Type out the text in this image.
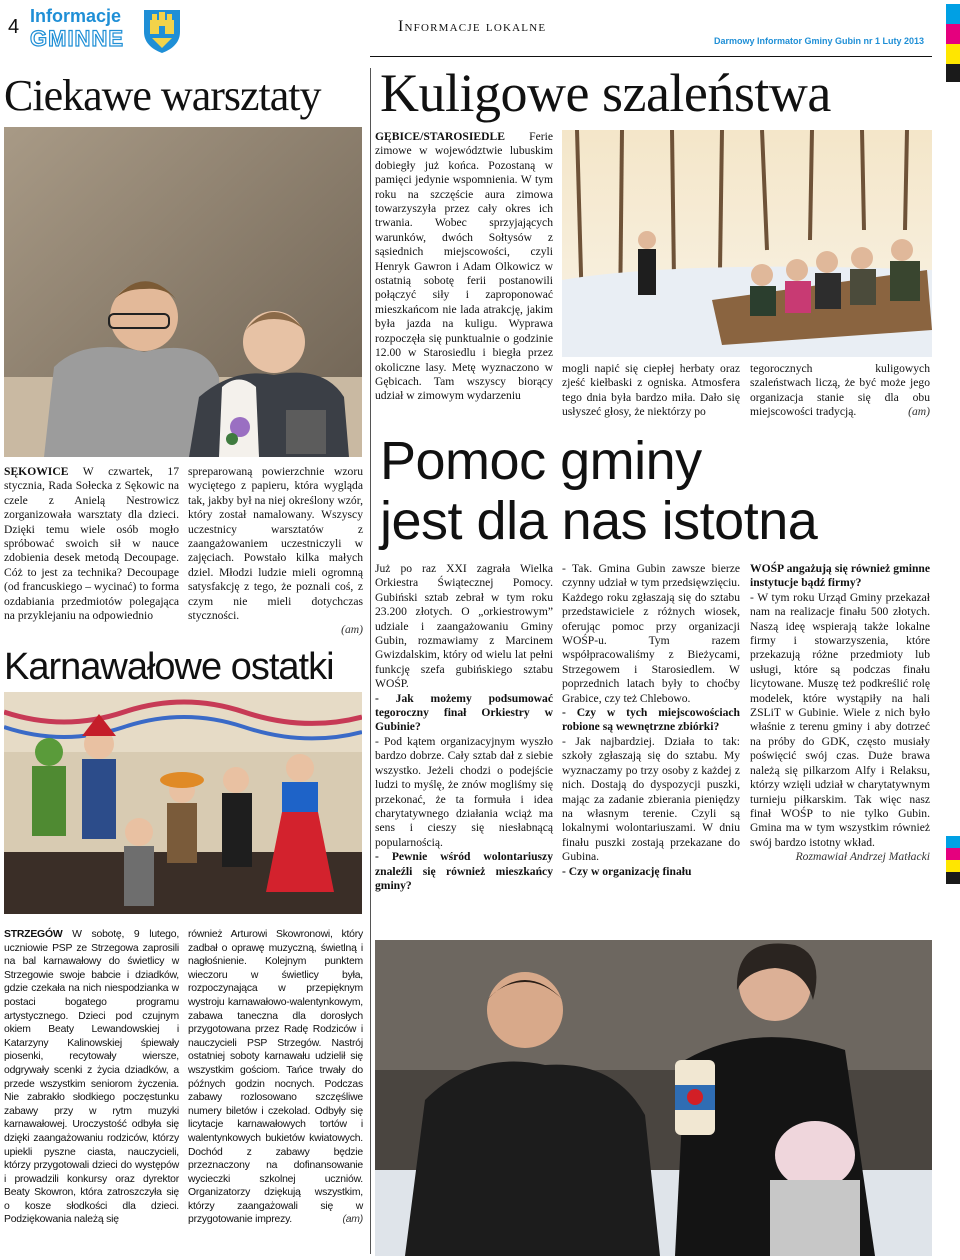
4 Informacje
GMINNE	Informacje lokalne
Darmowy Informator Gminy Gubin nr 1 Luty 2013
Ciekawe warsztaty

SĘKOWICE W czwartek, 17 stycznia, Rada Sołecka z Sękowic na czele z Anielą Nestrowicz zorganizowała warsztaty dla dzieci. Dzięki temu wiele osób mogło spróbować swoich sił w nauce zdobienia desek metodą Decoupage. Cóż to jest za technika? Decoupage (od francuskiego – wycinać) to forma ozdabiania przedmiotów polegająca na przyklejaniu na odpowiednio

spreparowaną powierzchnie wzoru wyciętego z papieru, która wygląda tak, jakby był na niej określony wzór, który został namalowany. Wszyscy uczestnicy warsztatów z zaangażowaniem uczestniczyli w zajęciach. Powstało kilka małych dziel. Młodzi ludzie mieli ogromną satysfakcję z tego, że poznali coś, z czym nie mieli dotychczas styczności.

(am)

Karnawałowe ostatki

STRZEGÓW W sobotę, 9 lutego, uczniowie PSP ze Strzegowa zaprosili na bal karnawałowy do świetlicy w Strzegowie swoje babcie i dziadków, gdzie czekała na nich niespodzianka w postaci bogatego programu artystycznego. Dzieci pod czujnym okiem Beaty Lewandowskiej i Katarzyny Kalinowskiej śpiewały piosenki, recytowały wiersze, odgrywały scenki z życia dziadków, a przede wszystkim seniorom życzenia. Nie zabrakło słodkiego poczęstunku zabawy przy w rytm muzyki karnawałowej. Uroczystość odbyła się dzięki zaangażowaniu rodziców, którzy upiekli pyszne ciasta, nauczycieli, którzy przygotowali dzieci do występów i prowadzili konkursy oraz dyrektor Beaty Skowron, która zatroszczyła się o kosze słodkości dla dzieci. Podziękowania należą się

również Arturowi Skowronowi, który zadbał o oprawę muzyczną, świetlną i nagłośnienie. Kolejnym punktem wieczoru w świetlicy była, rozpoczynająca w przepięknym wystroju karnawałowo-walentynkowym, zabawa taneczna dla dorosłych przygotowana przez Radę Rodziców i nauczycieli PSP Strzegów. Nastrój ostatniej soboty karnawału udzielił się wszystkim gościom. Tańce trwały do późnych godzin nocnych. Podczas zabawy rozlosowano szczęśliwe numery biletów i czekolad. Odbyły się licytacje karnawałowych tortów i walentynkowych bukietów kwiatowych. Dochód z zabawy będzie przeznaczony na dofinansowanie wycieczki szkolnej uczniów. Organizatorzy dziękują wszystkim, którzy zaangażowali się w przygotowanie imprezy.	(am)

Kuligowe szaleństwa

GĘBICE/STAROSIEDLE Ferie zimowe w województwie lubuskim dobiegły już końca. Pozostaną w pamięci jedynie wspomnienia. W tym roku na szczęście aura zimowa towarzyszyła przez cały okres ich trwania. Wobec sprzyjających warunków, dwóch Sołtysów z sąsiednich miejscowości, czyli Henryk Gawron i Adam Olkowicz w ostatnią sobotę ferii postanowili połączyć siły i zaproponować mieszkańcom nie lada atrakcję, jakim była jazda na kuligu. Wyprawa rozpoczęła się punktualnie o godzinie 12.00 w Starosiedlu i biegła przez okoliczne lasy. Metę wyznaczono w Gębicach. Tam wszyscy biorący udział w zimowym wydarzeniu

mogli napić się ciepłej herbaty oraz zjeść kiełbaski z ogniska. Atmosfera tego dnia była bardzo miła. Dało się usłyszeć głosy, że niektórzy po

tegorocznych kuligowych szaleństwach liczą, że być może jego organizacja stanie się dla obu miejscowości tradycją.	(am)

Pomoc gminy
jest dla nas istotna

Już po raz XXI zagrała Wielka Orkiestra Świątecznej Pomocy. Gubiński sztab zebrał w tym roku 23.200 złotych. O „orkiestrowym” udziale i zaangażowaniu Gminy Gubin, rozmawiamy z Marcinem Gwizdalskim, który od wielu lat pełni funkcję szefa gubińskiego sztabu WOŚP.

- Jak możemy podsumować tegoroczny finał Orkiestry w Gubinie?

- Pod kątem organizacyjnym wyszło bardzo dobrze. Cały sztab dał z siebie wszystko. Jeżeli chodzi o podejście ludzi to myślę, że znów mogliśmy się przekonać, że ta formuła i idea charytatywnego działania wciąż ma sens i cieszy się niesłabnącą popularnością.

- Pewnie wśród wolontariuszy znaleźli się również mieszkańcy gminy?

- Tak. Gmina Gubin zawsze bierze czynny udział w tym przedsięwzięciu. Każdego roku zgłaszają się do sztabu przedstawiciele z różnych wiosek, oferując pomoc przy organizacji WOŚP-u. Tym razem współpracowaliśmy z Bieżycami, Strzegowem i Starosiedlem. W poprzednich latach były to choćby Grabice, czy też Chlebowo.

- Czy w tych miejscowościach robione są wewnętrzne zbiórki?

- Jak najbardziej. Działa to tak: szkoły zgłaszają się do sztabu. My wyznaczamy po trzy osoby z każdej z nich. Dostają do dyspozycji puszki, mając za zadanie zbierania pieniędzy na własnym terenie. Czyli są lokalnymi wolontariuszami. W dniu finału puszki zostają przekazane do Gubina.

- Czy w organizację finału

WOŚP angażują się również gminne instytucje bądź firmy?

- W tym roku Urząd Gminy przekazał nam na realizacje finału 500 złotych. Naszą ideę wspierają także lokalne firmy i stowarzyszenia, które przekazują różne przedmioty lub usługi, które są podczas finału licytowane. Muszę też podkreślić rolę modelek, które wystąpiły na hali ZSLiT w Gubinie. Wiele z nich było właśnie z terenu gminy i aby dotrzeć na próby do GDK, często musiały poświęcić swój czas. Duże brawa należą się pilkarzom Alfy i Relaksu, którzy wzięli udział w charytatywnym turnieju piłkarskim. Tak więc nasz finał WOŚP to nie tylko Gubin. Gmina ma w tym wszystkim również swój bardzo istotny wkład.

Rozmawiał Andrzej Matłacki
